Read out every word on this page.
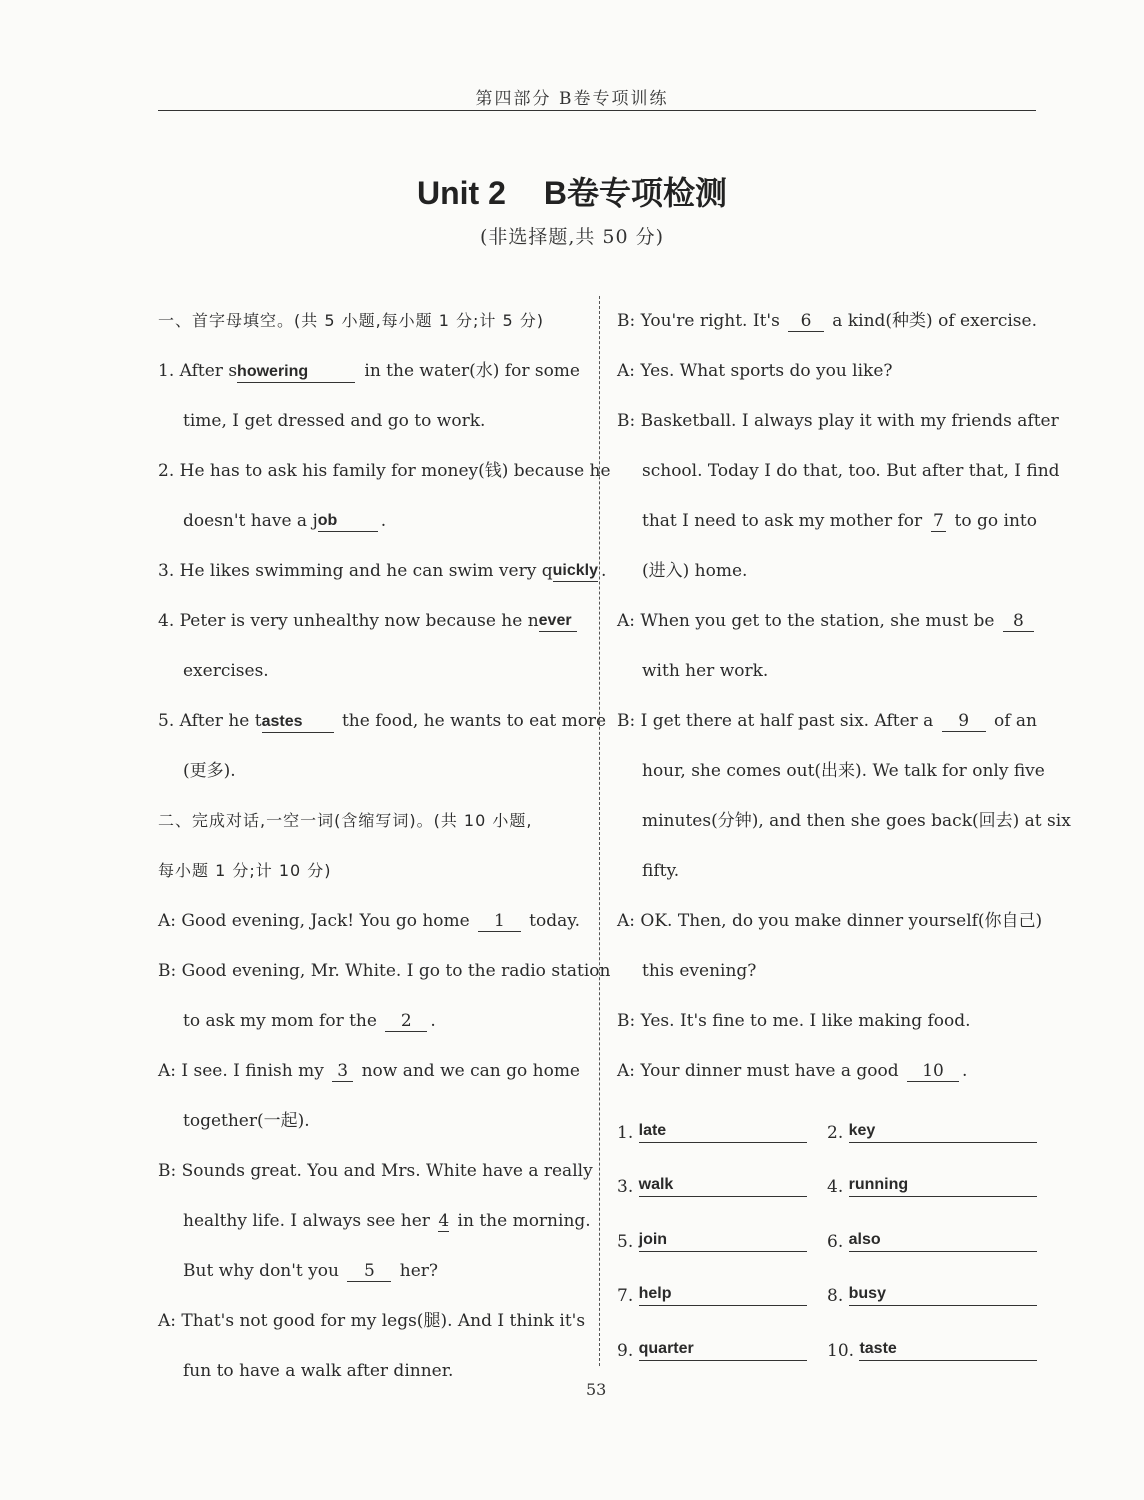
第四部分 B卷专项训练
Unit 2 B卷专项检测
(非选择题,共 50 分)
一、首字母填空。(共 5 小题,每小题 1 分;计 5 分)
1. After showering	in the water(水) for some
time, I get dressed and go to work.
2. He has to ask his family for money(钱) because he
doesn't have a j ob	.
3. He likes swimming and he can swim very q uickly .
4. Peter is very unhealthy now because he n ever
exercises.
5. After he tastes	the food, he wants to eat more
(更多).
二、完成对话,一空一词(含缩写词)。(共 10 小题,
每小题 1 分;计 10 分)
A: Good evening, Jack! You go home	1	today.
B: Good evening, Mr. White. I go to the radio station
to ask my mom for the	2	.
A: I see. I finish my 3 now and we can go home
together(一起).
B: Sounds great. You and Mrs. White have a really
healthy life. I always see her 4 in the morning.
But why don't you	5	her?
A: That's not good for my legs(腿). And I think it's
fun to have a walk after dinner.
B: You're right. It's 6 a kind(种类) of exercise.
A: Yes. What sports do you like?
B: Basketball. I always play it with my friends after
school. Today I do that, too. But after that, I find
that I need to ask my mother for 7 to go into
(进入) home.
A: When you get to the station, she must be 8
with her work.
B: I get there at half past six. After a	9	of an
hour, she comes out(出来). We talk for only five
minutes(分钟), and then she goes back(回去) at six
fifty.
A: OK. Then, do you make dinner yourself(你自己)
this evening?
B: Yes. It's fine to me. I like making food.
A: Your dinner must have a good	10	.
1. late	2. key
3. walk	4. running
5. join	6. also
7. help	8. busy
9. quarter	10. taste
53
